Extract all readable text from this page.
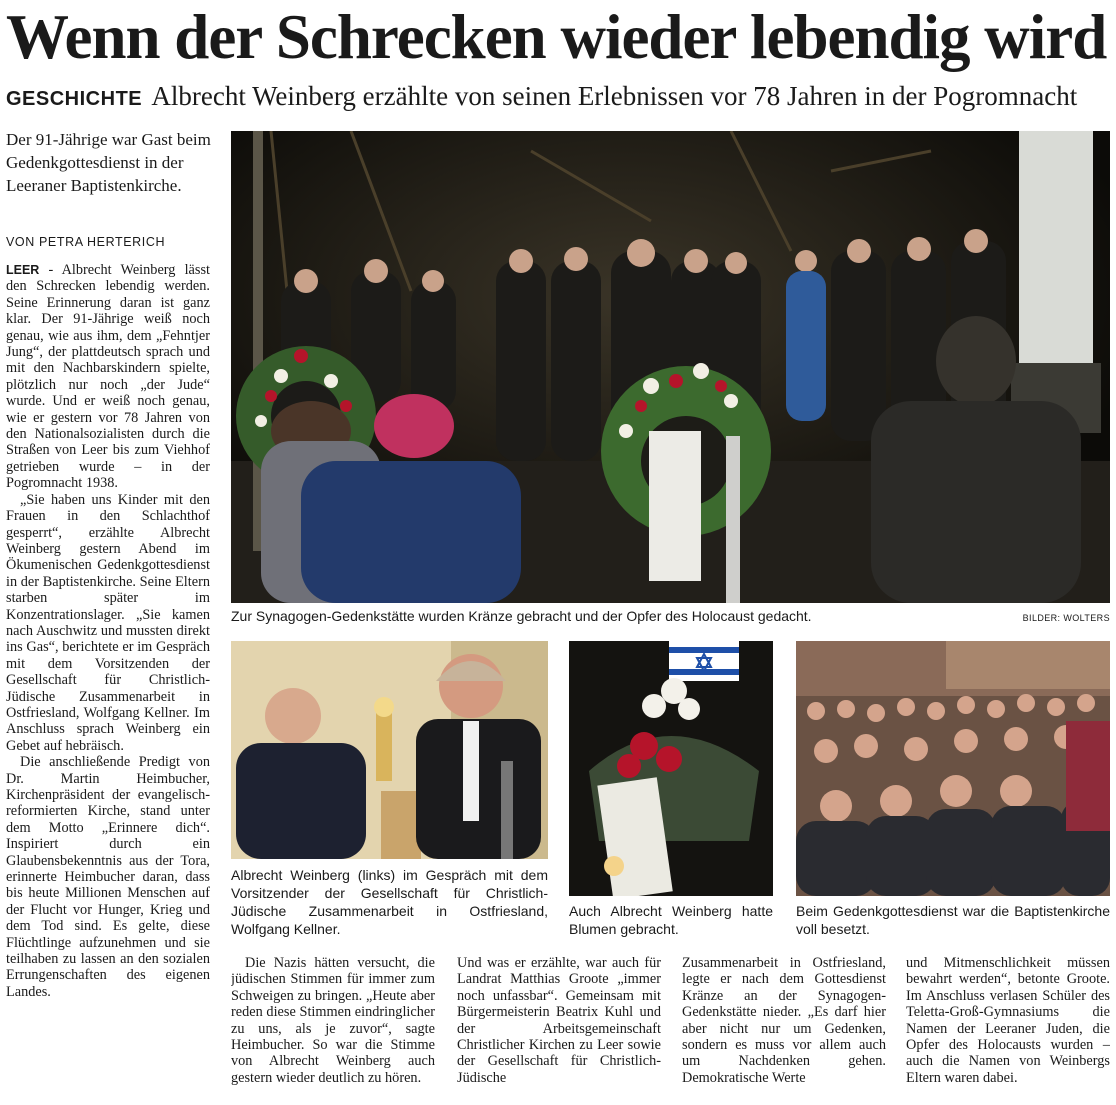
Wenn der Schrecken wieder lebendig wird
GESCHICHTE Albrecht Weinberg erzählte von seinen Erlebnissen vor 78 Jahren in der Pogromnacht
Der 91-Jährige war Gast beim Gedenkgottesdienst in der Leeraner Baptistenkirche.
VON PETRA HERTERICH

LEER - Albrecht Weinberg lässt den Schrecken lebendig werden. Seine Erinnerung daran ist ganz klar. Der 91-Jährige weiß noch genau, wie aus ihm, dem „Fehntjer Jung“, der plattdeutsch sprach und mit den Nachbarskindern spielte, plötzlich nur noch „der Jude“ wurde. Und er weiß noch genau, wie er gestern vor 78 Jahren von den Nationalsozialisten durch die Straßen von Leer bis zum Viehhof getrieben wurde – in der Pogromnacht 1938.

„Sie haben uns Kinder mit den Frauen in den Schlachthof gesperrt“, erzählte Albrecht Weinberg gestern Abend im Ökumenischen Gedenkgottesdienst in der Baptistenkirche. Seine Eltern starben später im Konzentrationslager. „Sie kamen nach Auschwitz und mussten direkt ins Gas“, berichtete er im Gespräch mit dem Vorsitzenden der Gesellschaft für Christlich-Jüdische Zusammenarbeit in Ostfriesland, Wolfgang Kellner. Im Anschluss sprach Weinberg ein Gebet auf hebräisch.

Die anschließende Predigt von Dr. Martin Heimbucher, Kirchenpräsident der evangelisch-reformierten Kirche, stand unter dem Motto „Erinnere dich“. Inspiriert durch ein Glaubensbekenntnis aus der Tora, erinnerte Heimbucher daran, dass bis heute Millionen Menschen auf der Flucht vor Hunger, Krieg und dem Tod sind. Es gelte, diese Flüchtlinge aufzunehmen und sie teilhaben zu lassen an den sozialen Errungenschaften des eigenen Landes.

Zur Synagogen-Gedenkstätte wurden Kränze gebracht und der Opfer des Holocaust gedacht.	BILDER: WOLTERS
Albrecht Weinberg (links) im Gespräch mit dem Vorsitzender der Gesellschaft für Christlich-Jüdische Zusammenarbeit in Ostfriesland, Wolfgang Kellner.
Auch Albrecht Weinberg hatte Blumen gebracht.
Beim Gedenkgottesdienst war die Baptistenkirche voll besetzt.

Die Nazis hätten versucht, die jüdischen Stimmen für immer zum Schweigen zu bringen. „Heute aber reden diese Stimmen eindringlicher zu uns, als je zuvor“, sagte Heimbucher. So war die Stimme von Albrecht Weinberg auch gestern wieder deutlich zu hören.

Und was er erzählte, war auch für Landrat Matthias Groote „immer noch unfassbar“. Gemeinsam mit Bürgermeisterin Beatrix Kuhl und der Arbeitsgemeinschaft Christlicher Kirchen zu Leer sowie der Gesellschaft für Christlich-Jüdische

Zusammenarbeit in Ostfriesland, legte er nach dem Gottesdienst Kränze an der Synagogen-Gedenkstätte nieder. „Es darf hier aber nicht nur um Gedenken, sondern es muss vor allem auch um Nachdenken gehen. Demokratische Werte

und Mitmenschlichkeit müssen bewahrt werden“, betonte Groote. Im Anschluss verlasen Schüler des Teletta-Groß-Gymnasiums die Namen der Leeraner Juden, die Opfer des Holocausts wurden – auch die Namen von Weinbergs Eltern waren dabei.
